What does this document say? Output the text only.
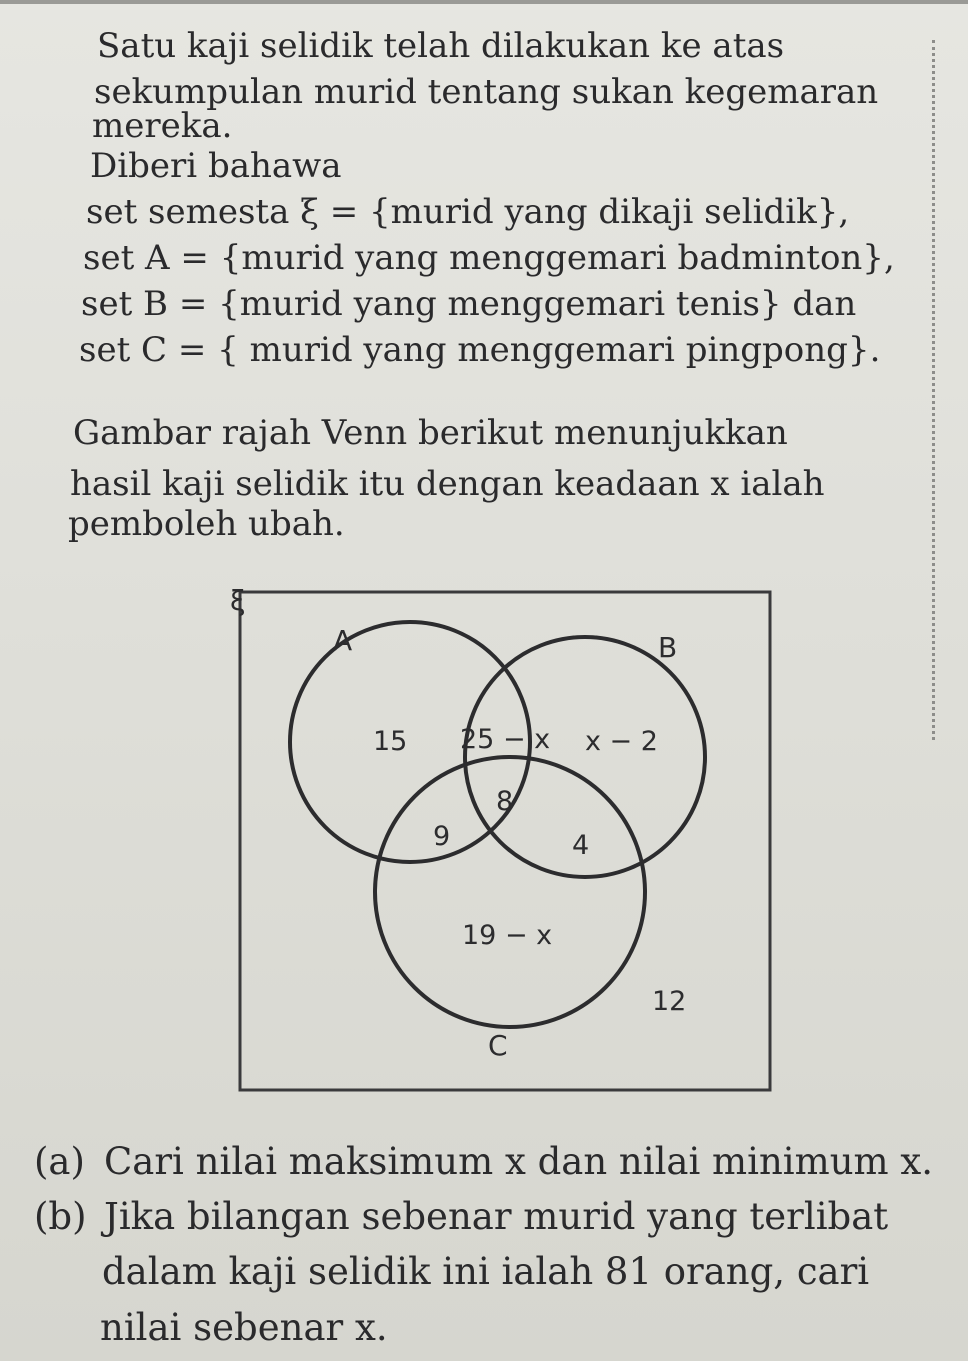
Satu kaji selidik telah dilakukan ke atas
sekumpulan murid tentang sukan kegemaran
mereka.
Diberi bahawa
set semesta ξ = {murid yang dikaji selidik},
set A = {murid yang menggemari badminton},
set B = {murid yang menggemari tenis} dan
set C = { murid yang menggemari pingpong}.
Gambar rajah Venn berikut menunjukkan
hasil kaji selidik itu dengan keadaan x ialah
pemboleh ubah.
ξ
A	B
C
15 25 − x x − 2
8
9	4
19 − x
12
(a) Cari nilai maksimum x dan nilai minimum x.
(b) Jika bilangan sebenar murid yang terlibat
dalam kaji selidik ini ialah 81 orang, cari
nilai sebenar x.
